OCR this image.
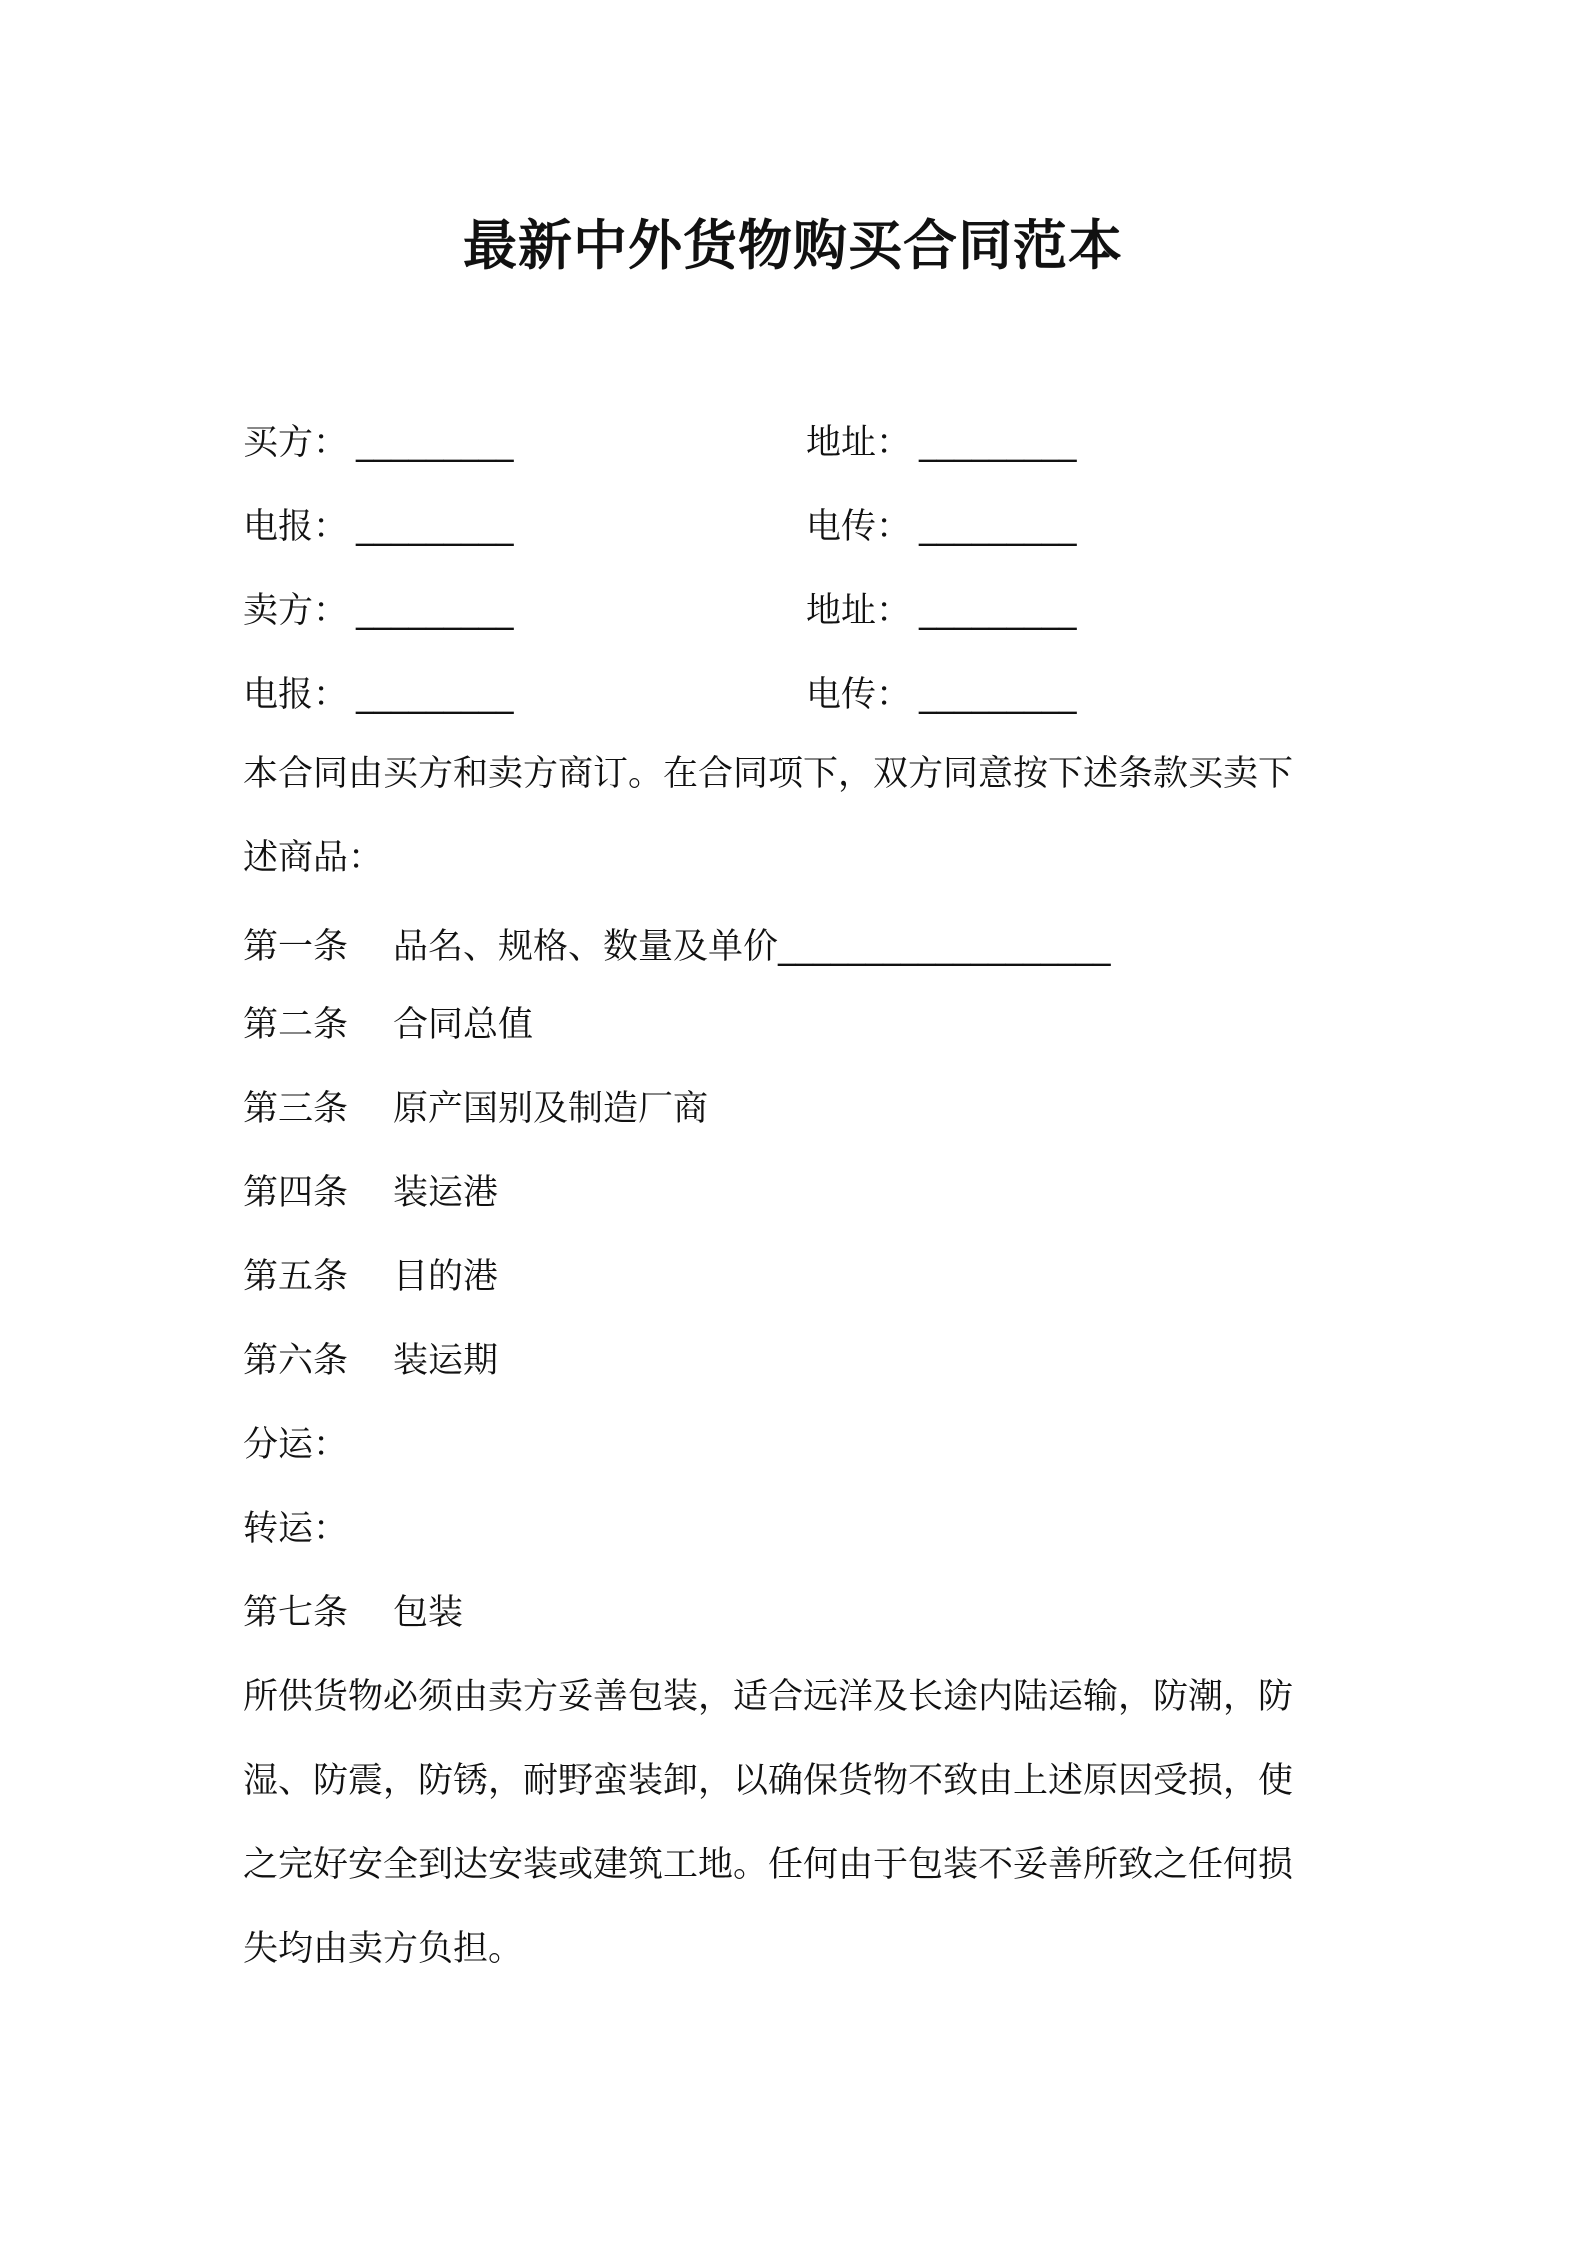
最新中外货物购买合同范本
买方： _________	地址： _________
电报： _________	电传： _________
卖方： _________	地址： _________
电报： _________	电传： _________
本合同由买方和卖方商订。在合同项下，双方同意按下述条款买卖下
述商品：
第一条 品名、规格、数量及单价___________________
第二条 合同总值
第三条 原产国别及制造厂商
第四条 装运港
第五条 目的港
第六条 装运期
分运：
转运：
第七条 包装
所供货物必须由卖方妥善包装，适合远洋及长途内陆运输，防潮，防
湿、防震，防锈，耐野蛮装卸，以确保货物不致由上述原因受损，使
之完好安全到达安装或建筑工地。任何由于包装不妥善所致之任何损
失均由卖方负担。
